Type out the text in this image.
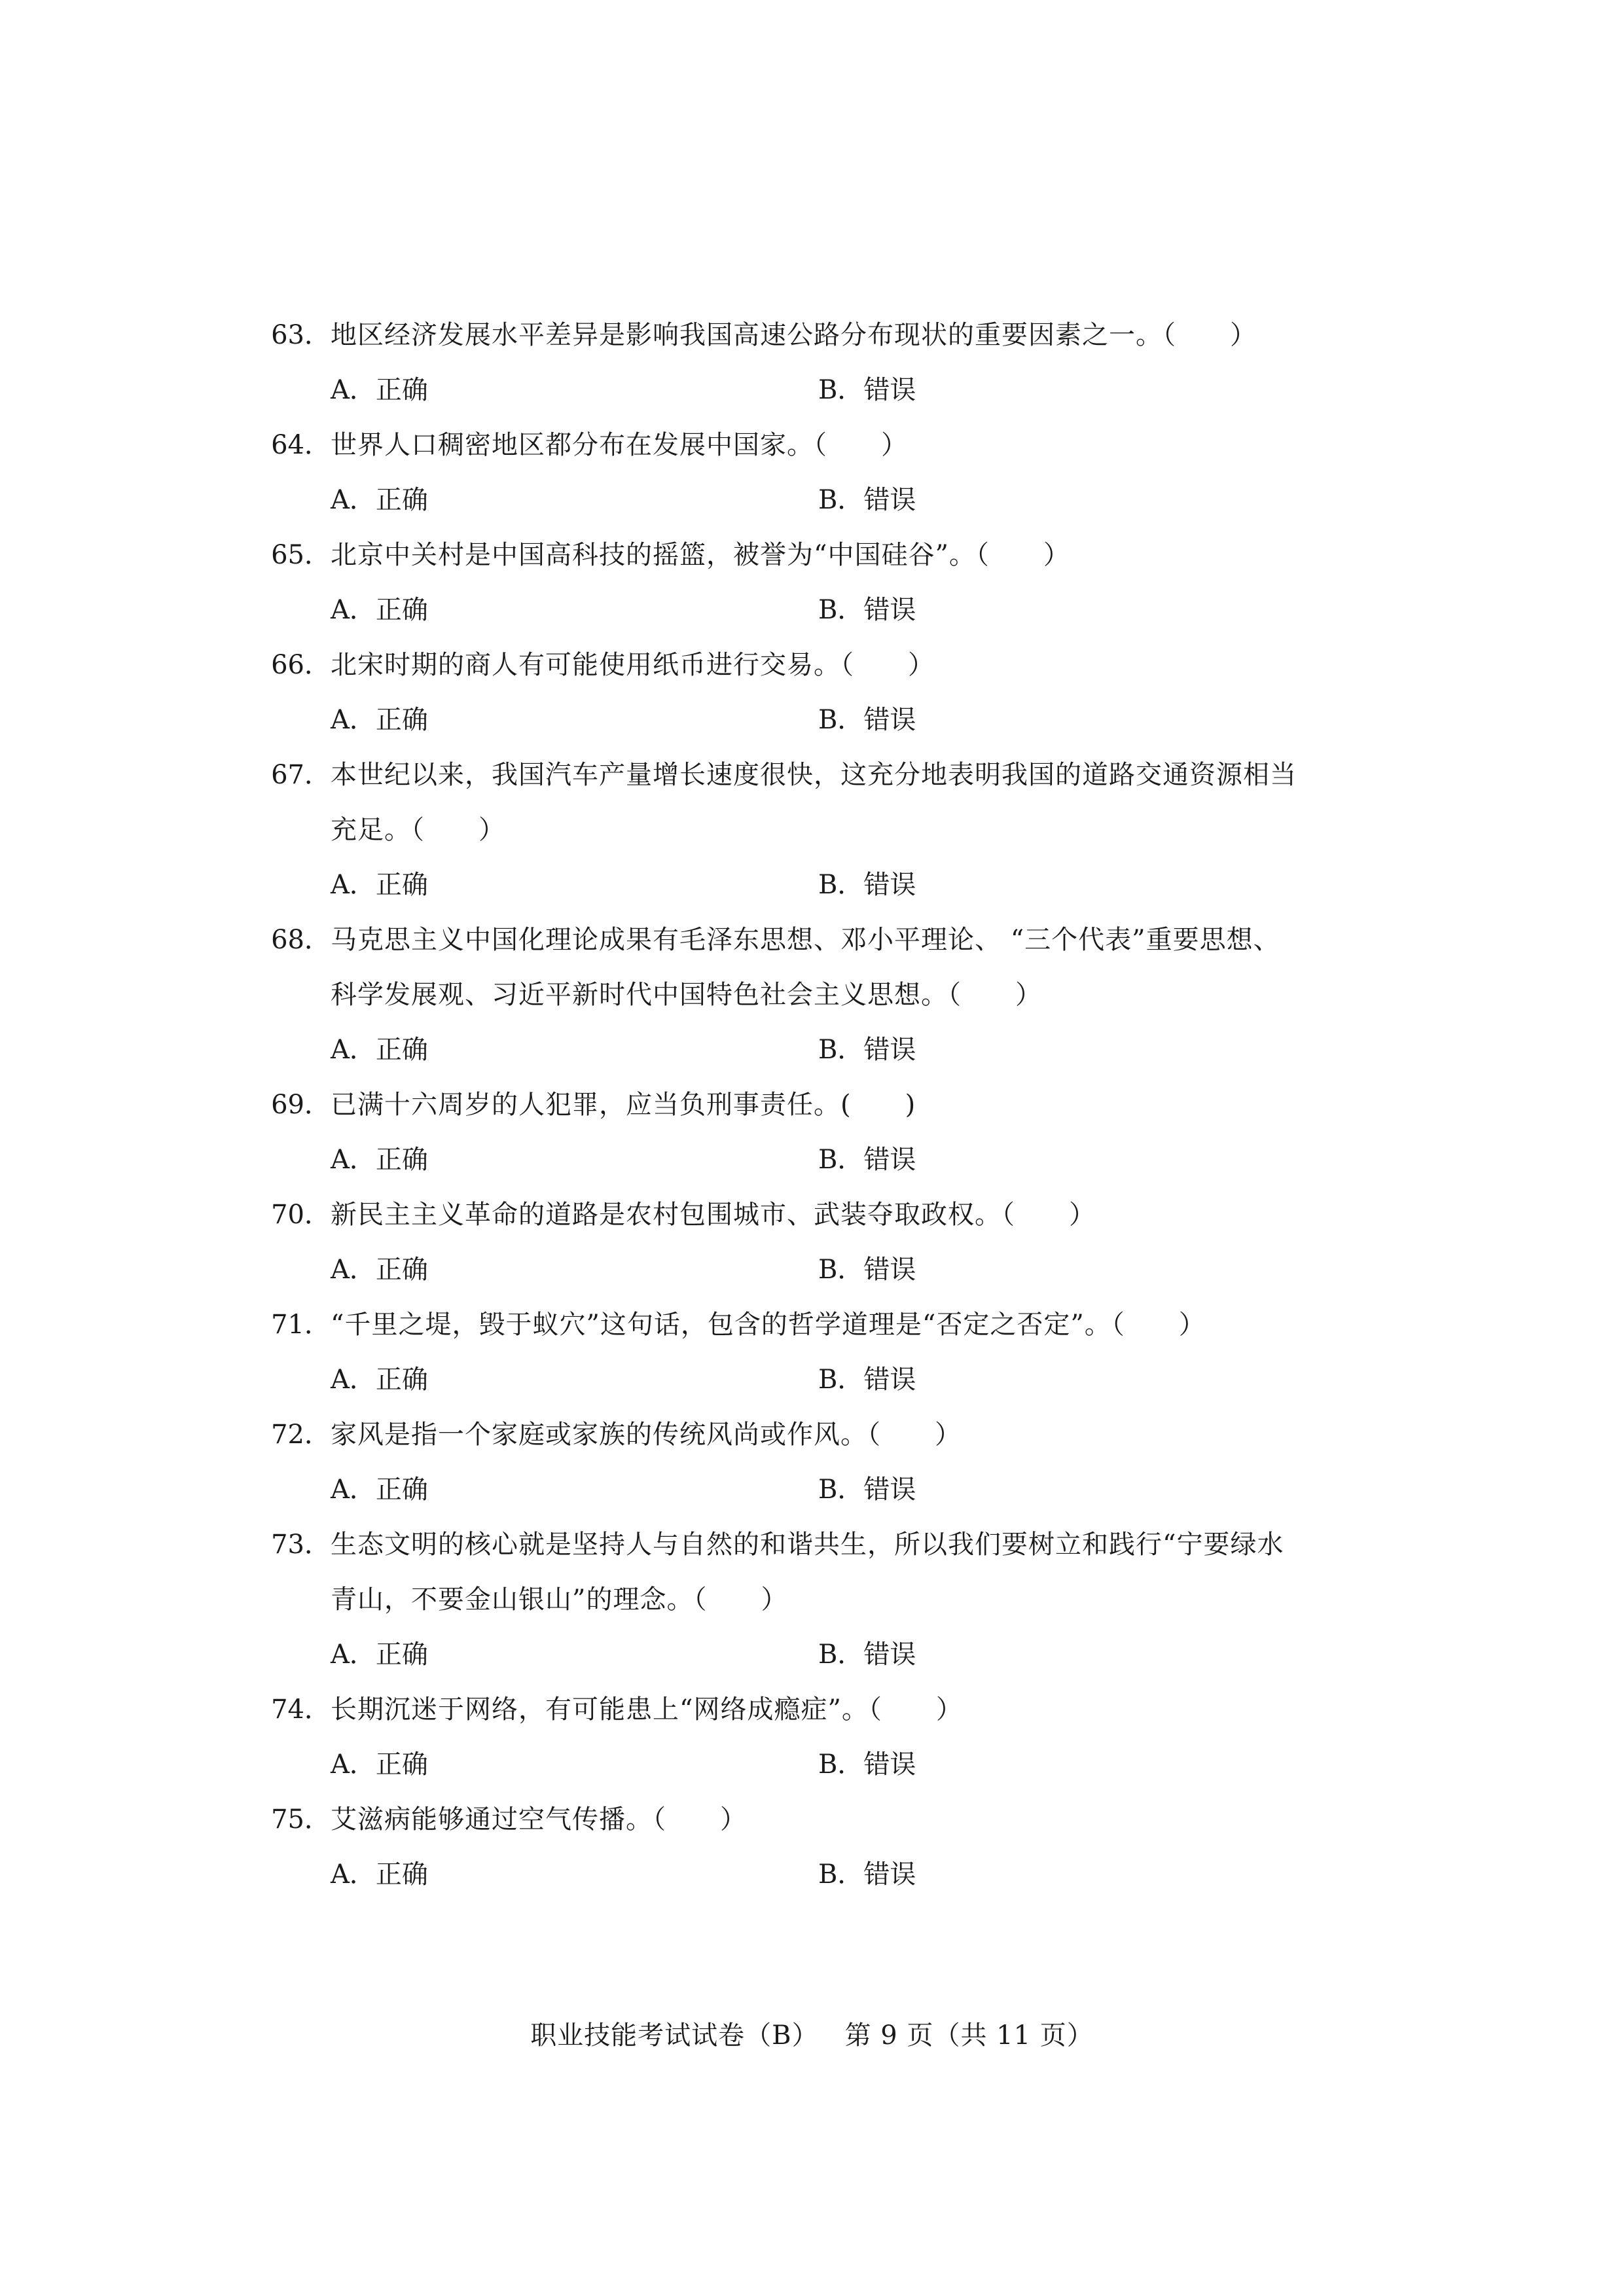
63． 地区经济发展水平差异是影响我国高速公路分布现状的重要因素之一。（　　）
A．正确	B．错误
64． 世界人口稠密地区都分布在发展中国家。（　　）
A．正确	B．错误
65． 北京中关村是中国高科技的摇篮，被誉为“中国硅谷”。（　　）
A．正确	B．错误
66． 北宋时期的商人有可能使用纸币进行交易。（　　）
A．正确	B．错误
67． 本世纪以来，我国汽车产量增长速度很快，这充分地表明我国的道路交通资源相当
充足。（　　）
A．正确	B．错误
68． 马克思主义中国化理论成果有毛泽东思想、邓小平理论、 “三个代表”重要思想、
科学发展观、习近平新时代中国特色社会主义思想。（　　）
A．正确	B．错误
69． 已满十六周岁的人犯罪，应当负刑事责任。(　　)
A．正确	B．错误
70． 新民主主义革命的道路是农村包围城市、武装夺取政权。（　　）
A．正确	B．错误
71． “千里之堤，毁于蚁穴”这句话，包含的哲学道理是“否定之否定”。（　　）
A．正确	B．错误
72． 家风是指一个家庭或家族的传统风尚或作风。（　　）
A．正确	B．错误
73． 生态文明的核心就是坚持人与自然的和谐共生，所以我们要树立和践行“宁要绿水
青山，不要金山银山”的理念。（　　）
A．正确	B．错误
74． 长期沉迷于网络，有可能患上“网络成瘾症”。（　　）
A．正确	B．错误
75． 艾滋病能够通过空气传播。（　　）
A．正确	B．错误
职业技能考试试卷（B） 第 9 页（共 11 页）
